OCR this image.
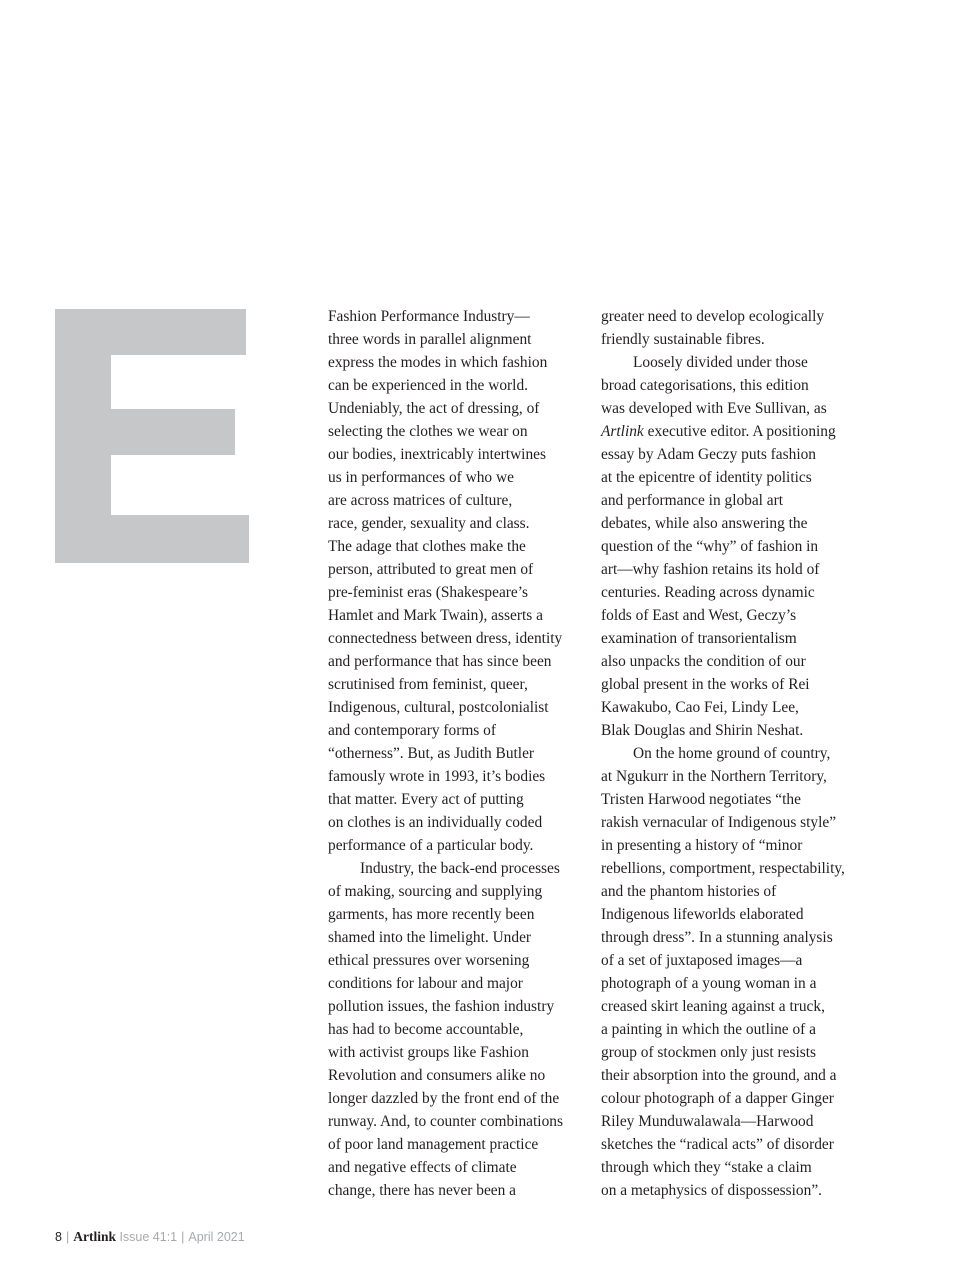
Fashion Performance Industry—
three words in parallel alignment
express the modes in which fashion
can be experienced in the world.
Undeniably, the act of dressing, of
selecting the clothes we wear on
our bodies, inextricably intertwines
us in performances of who we
are across matrices of culture,
race, gender, sexuality and class.
The adage that clothes make the
person, attributed to great men of
pre-feminist eras (Shakespeare’s
Hamlet and Mark Twain), asserts a
connectedness between dress, identity
and performance that has since been
scrutinised from feminist, queer,
Indigenous, cultural, postcolonialist
and contemporary forms of
“otherness”. But, as Judith Butler
famously wrote in 1993, it’s bodies
that matter. Every act of putting
on clothes is an individually coded
performance of a particular body.
Industry, the back-end processes
of making, sourcing and supplying
garments, has more recently been
shamed into the limelight. Under
ethical pressures over worsening
conditions for labour and major
pollution issues, the fashion industry
has had to become accountable,
with activist groups like Fashion
Revolution and consumers alike no
longer dazzled by the front end of the
runway. And, to counter combinations
of poor land management practice
and negative effects of climate
change, there has never been a
greater need to develop ecologically
friendly sustainable fibres.
Loosely divided under those
broad categorisations, this edition
was developed with Eve Sullivan, as
Artlink executive editor. A positioning
essay by Adam Geczy puts fashion
at the epicentre of identity politics
and performance in global art
debates, while also answering the
question of the “why” of fashion in
art—why fashion retains its hold of
centuries. Reading across dynamic
folds of East and West, Geczy’s
examination of transorientalism
also unpacks the condition of our
global present in the works of Rei
Kawakubo, Cao Fei, Lindy Lee,
Blak Douglas and Shirin Neshat.
On the home ground of country,
at Ngukurr in the Northern Territory,
Tristen Harwood negotiates “the
rakish vernacular of Indigenous style”
in presenting a history of “minor
rebellions, comportment, respectability,
and the phantom histories of
Indigenous lifeworlds elaborated
through dress”. In a stunning analysis
of a set of juxtaposed images—a
photograph of a young woman in a
creased skirt leaning against a truck,
a painting in which the outline of a
group of stockmen only just resists
their absorption into the ground, and a
colour photograph of a dapper Ginger
Riley Munduwalawala—Harwood
sketches the “radical acts” of disorder
through which they “stake a claim
on a metaphysics of dispossession”.
8 | Artlink Issue 41:1 | April 2021
